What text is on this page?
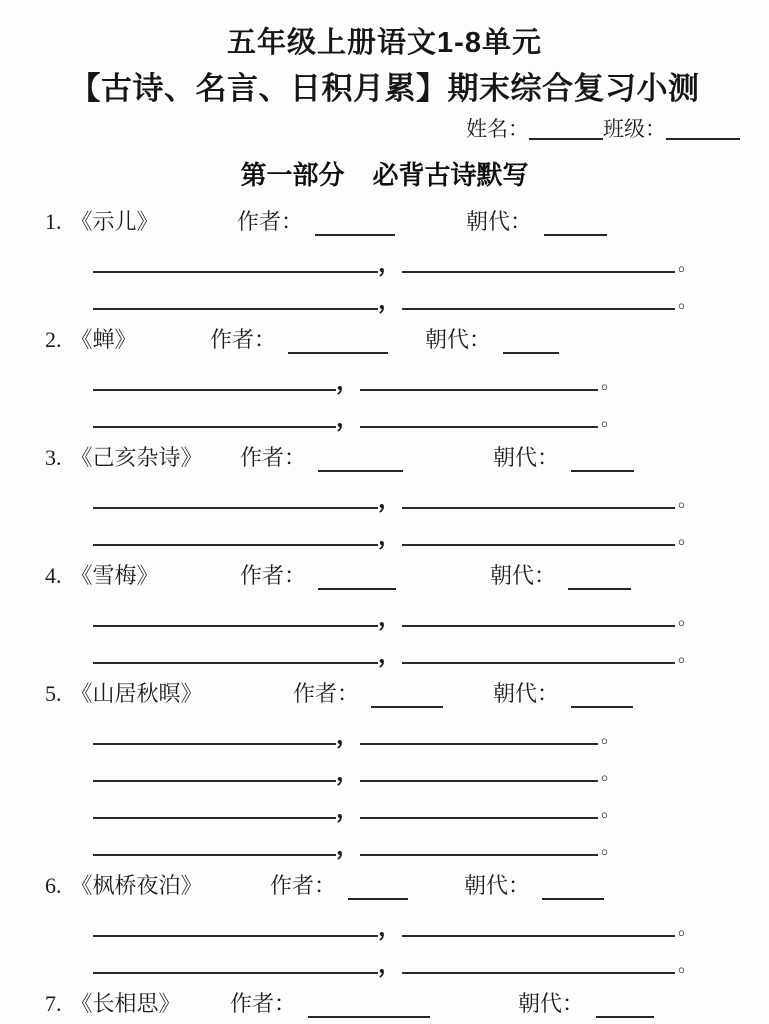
五年级上册语文1-8单元
【古诗、名言、日积月累】期末综合复习小测
姓名：	班级：
第一部分 必背古诗默写
1. 《示儿》	作者：	朝代：
，	。
，	。
2. 《蝉》	作者：	朝代：
，	。
，	。
3. 《己亥杂诗》 作者：	朝代：
，	。
，	。
4. 《雪梅》	作者：	朝代：
，	。
，	。
5. 《山居秋暝》	作者：	朝代：
，	。
，	。
，	。
，	。
6. 《枫桥夜泊》	作者：	朝代：
，	。
，	。
7. 《长相思》 作者：	朝代：
